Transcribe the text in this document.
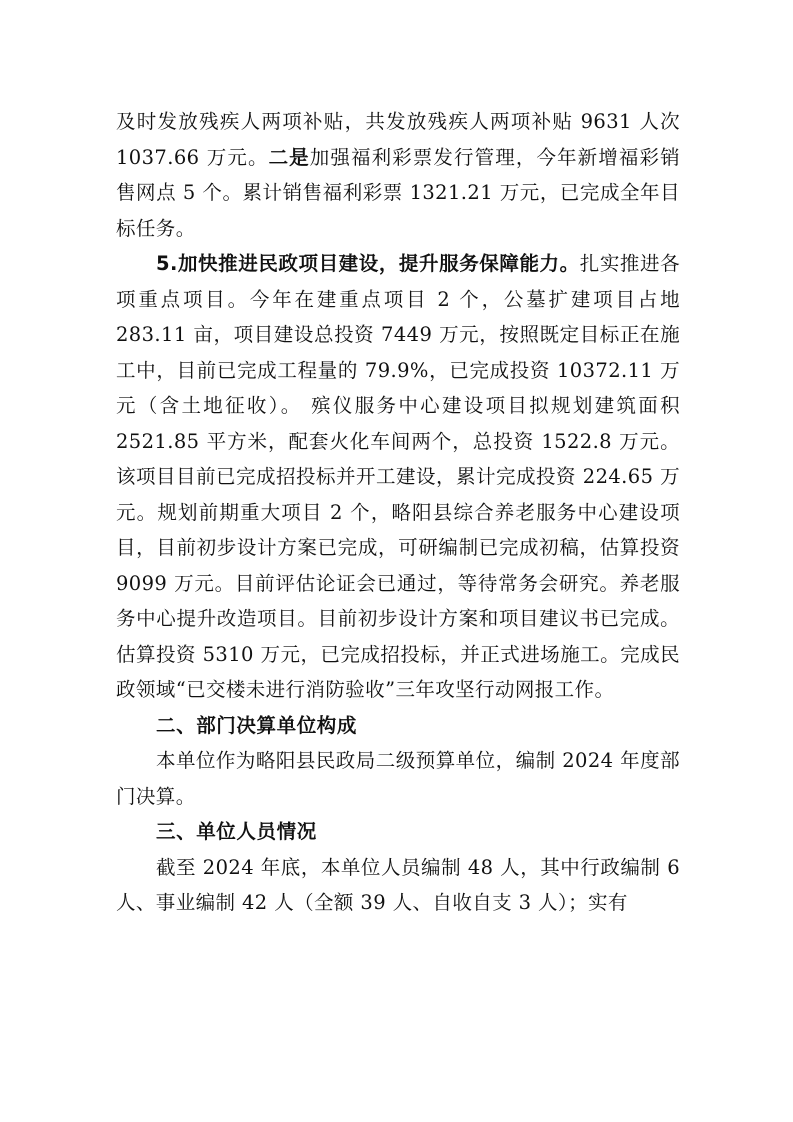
及时发放残疾人两项补贴，共发放残疾人两项补贴 9631 人次 1037.66 万元。二是加强福利彩票发行管理，今年新增福彩销售网点 5 个。累计销售福利彩票 1321.21 万元，已完成全年目标任务。

5.加快推进民政项目建设，提升服务保障能力。扎实推进各项重点项目。今年在建重点项目 2 个，公墓扩建项目占地 283.11 亩，项目建设总投资 7449 万元，按照既定目标正在施工中，目前已完成工程量的 79.9%，已完成投资 10372.11 万元（含土地征收）。 殡仪服务中心建设项目拟规划建筑面积 2521.85 平方米，配套火化车间两个，总投资 1522.8 万元。该项目目前已完成招投标并开工建设，累计完成投资 224.65 万元。规划前期重大项目 2 个，略阳县综合养老服务中心建设项目，目前初步设计方案已完成，可研编制已完成初稿，估算投资 9099 万元。目前评估论证会已通过，等待常务会研究。养老服务中心提升改造项目。目前初步设计方案和项目建议书已完成。估算投资 5310 万元，已完成招投标，并正式进场施工。完成民政领域“已交楼未进行消防验收”三年攻坚行动网报工作。

二、部门决算单位构成

本单位作为略阳县民政局二级预算单位，编制 2024 年度部门决算。

三、单位人员情况

截至 2024 年底，本单位人员编制 48 人，其中行政编制 6 人、事业编制 42 人（全额 39 人、自收自支 3 人）；实有
